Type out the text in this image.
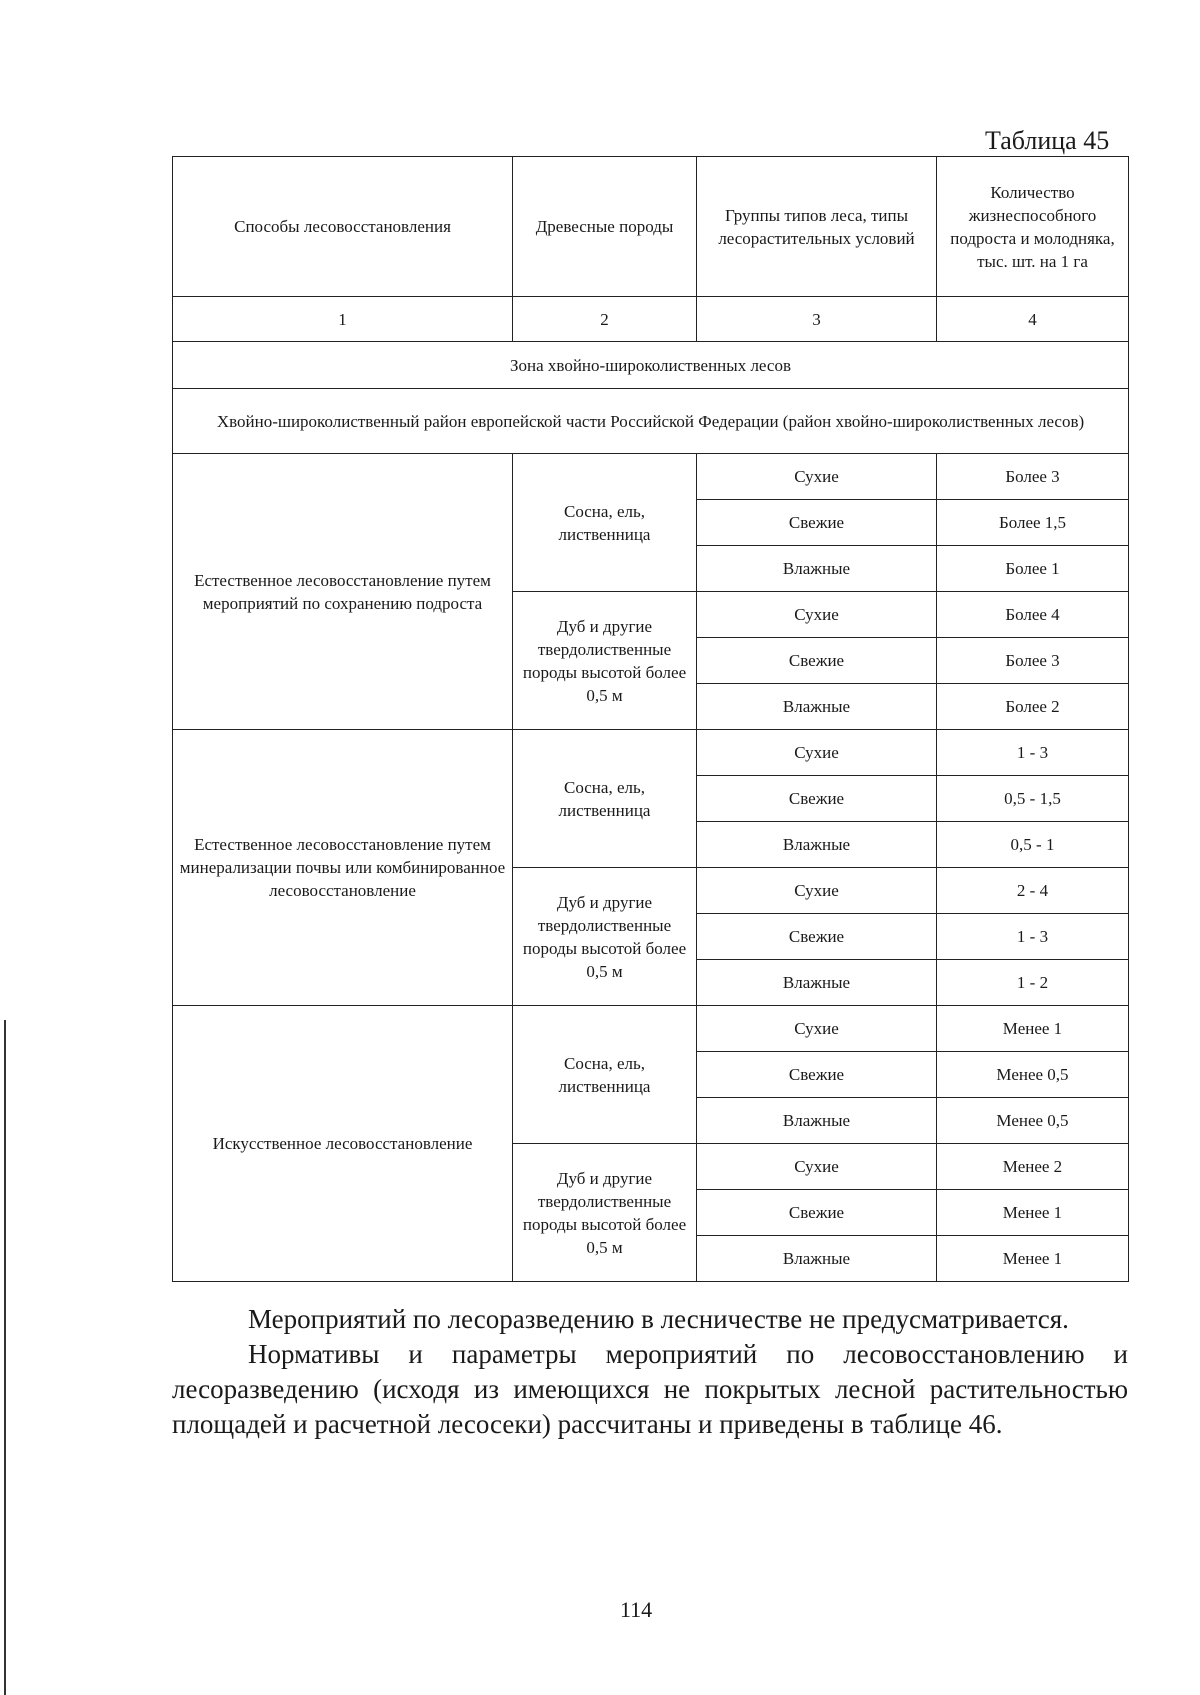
Таблица 45
Способы лесовосстановления	Древесные породы	Группы типов леса, типы лесорастительных условий	Количество жизнеспособного подроста и молодняка, тыс. шт. на 1 га
1	2	3	4
Зона хвойно-широколиственных лесов			
Хвойно-широколиственный район европейской части Российской Федерации (район хвойно-широколиственных лесов)			
Естественное лесовосстановление путем мероприятий по сохранению подроста	Сосна, ель, лиственница	Сухие	Более 3
		Свежие	Более 1,5
		Влажные	Более 1
	Дуб и другие твердолиственные породы высотой более 0,5 м	Сухие	Более 4
		Свежие	Более 3
		Влажные	Более 2
Естественное лесовосстановление путем минерализации почвы или комбинированное лесовосстановление	Сосна, ель, лиственница	Сухие	1 - 3
		Свежие	0,5 - 1,5
		Влажные	0,5 - 1
	Дуб и другие твердолиственные породы высотой более 0,5 м	Сухие	2 - 4
		Свежие	1 - 3
		Влажные	1 - 2
Искусственное лесовосстановление	Сосна, ель, лиственница	Сухие	Менее 1
		Свежие	Менее 0,5
		Влажные	Менее 0,5
	Дуб и другие твердолиственные породы высотой более 0,5 м	Сухие	Менее 2
		Свежие	Менее 1
		Влажные	Менее 1
Мероприятий по лесоразведению в лесничестве не предусматривается.
Нормативы и параметры мероприятий по лесовосстановлению и лесоразведению (исходя из имеющихся не покрытых лесной растительностью площадей и расчетной лесосеки) рассчитаны и приведены в таблице 46.
114
